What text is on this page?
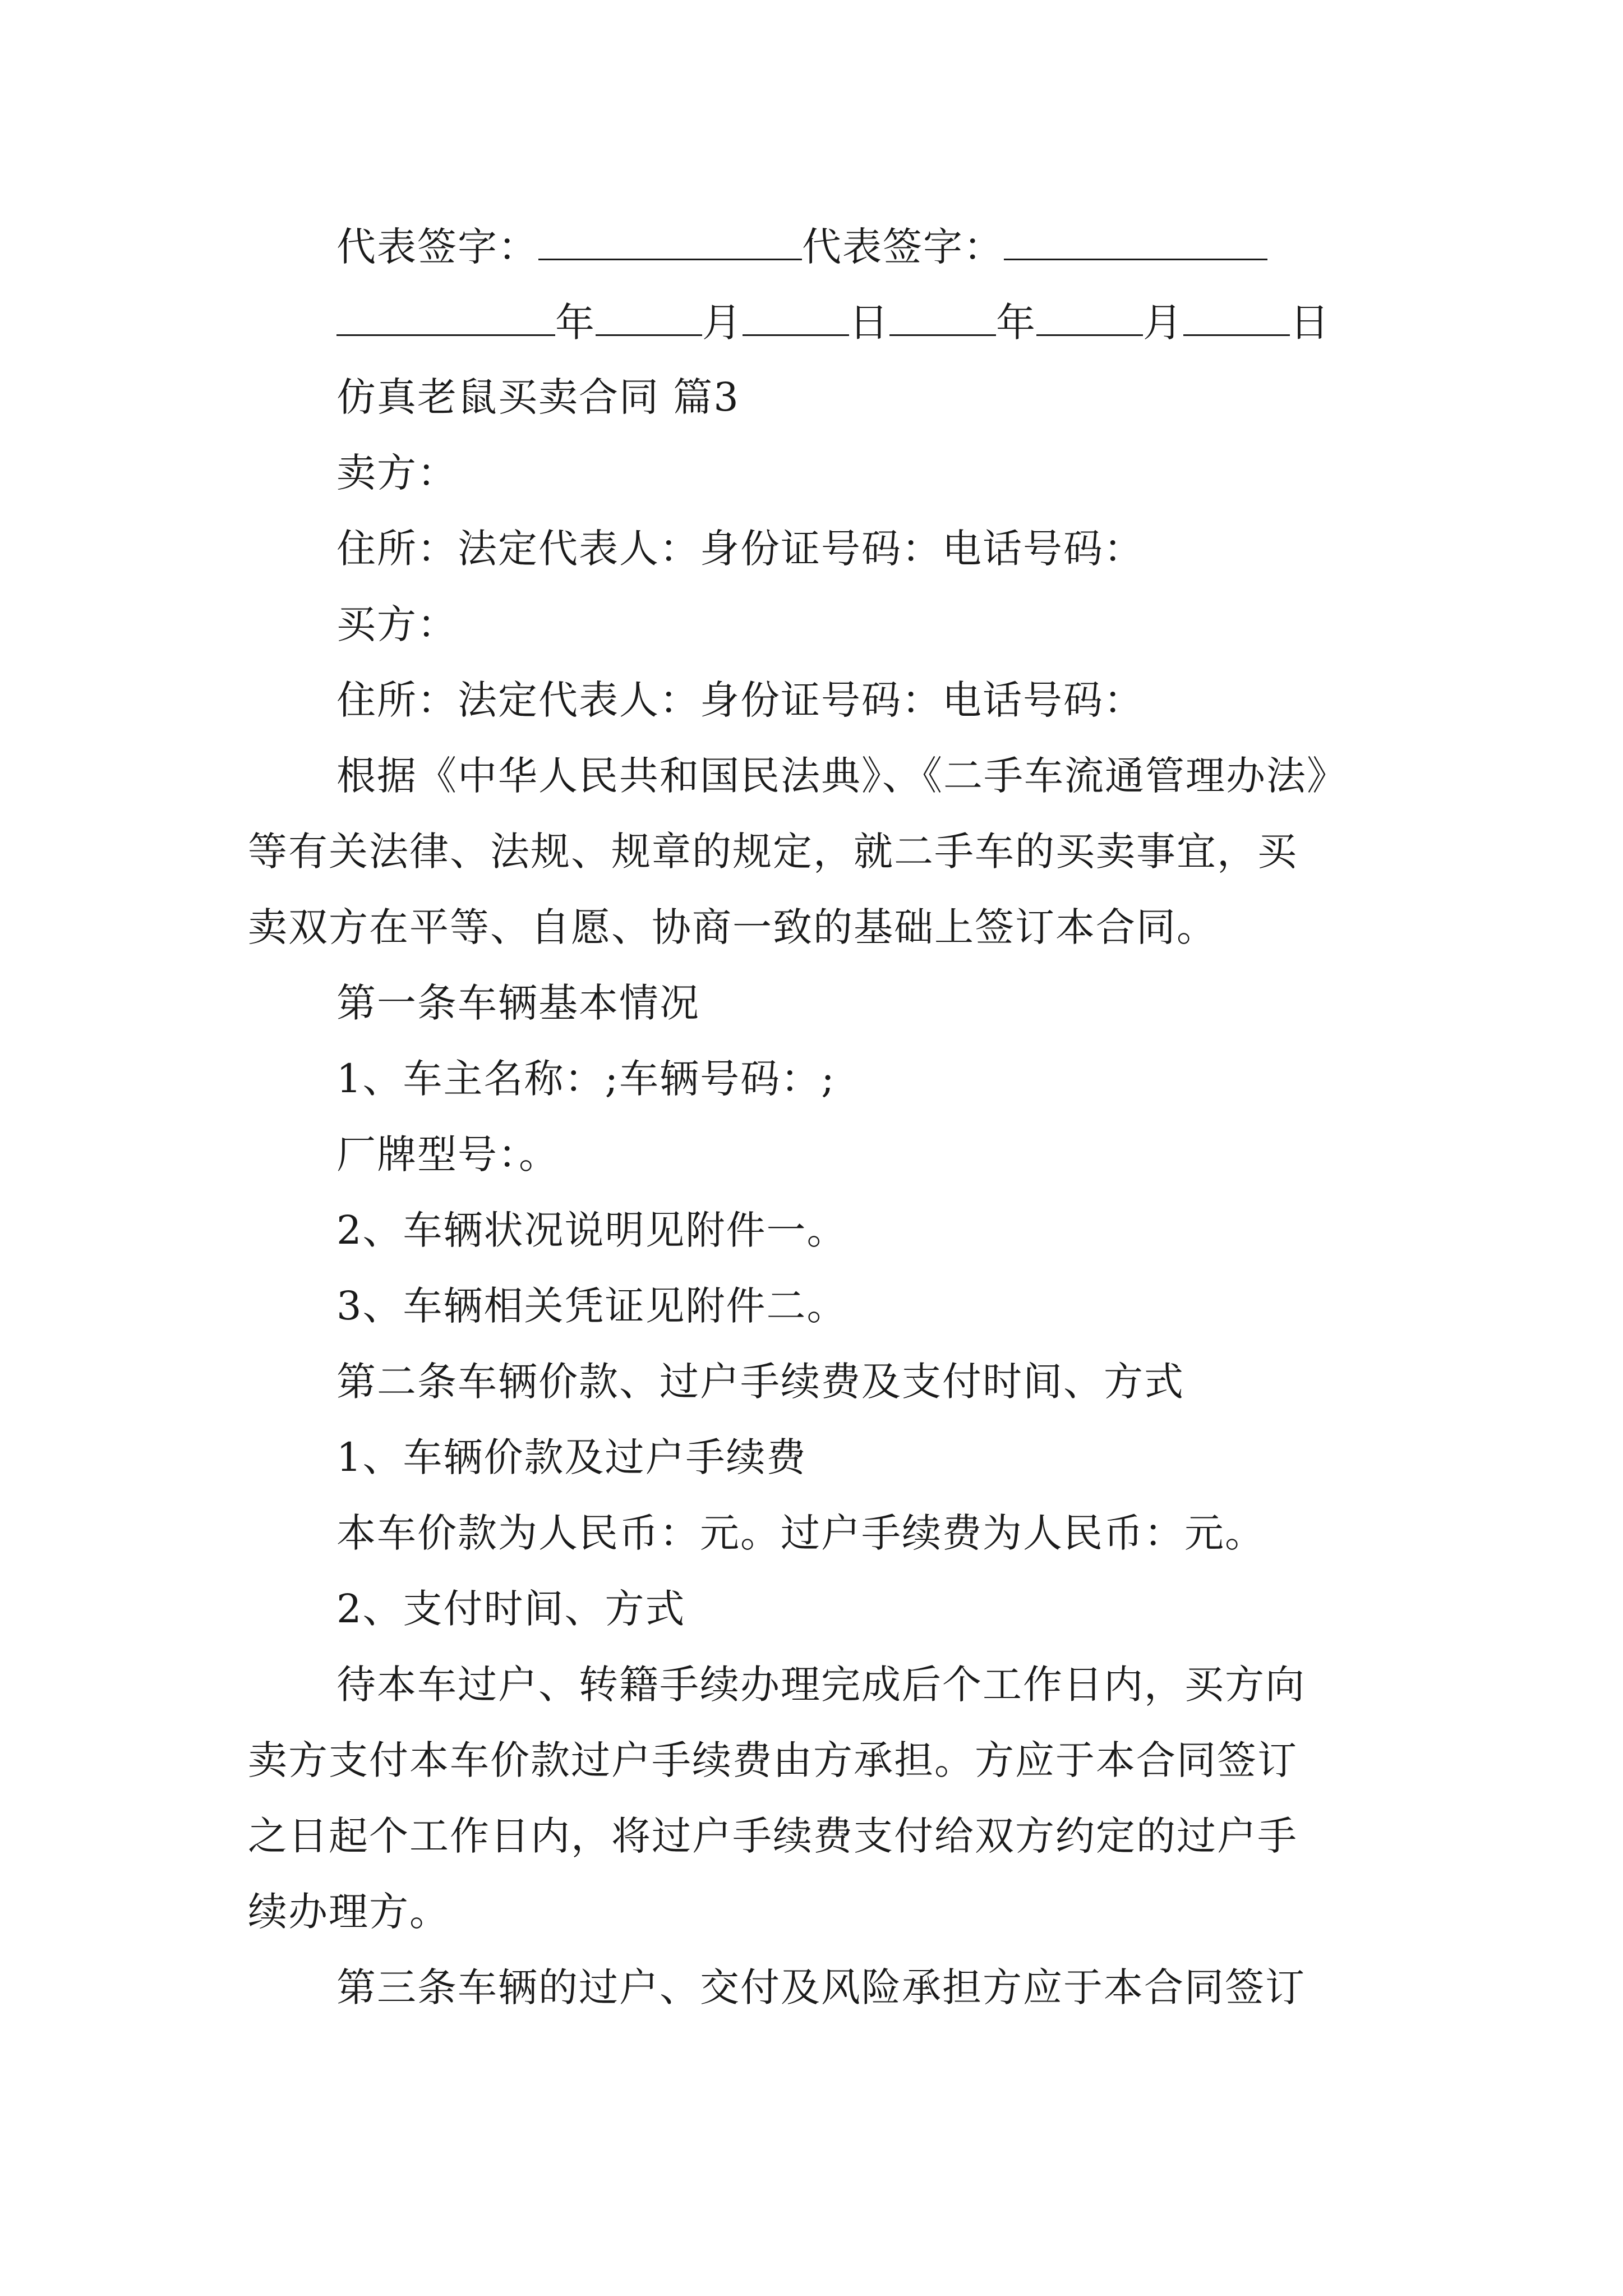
代表签字：	代表签字：
年	月	日	年	月	日
仿真老鼠买卖合同 篇3
卖方：
住所：法定代表人：身份证号码：电话号码：
买方：
住所：法定代表人：身份证号码：电话号码：
根据《中华人民共和国民法典》、《二手车流通管理办法》
等有关法律、法规、规章的规定，就二手车的买卖事宜，买
卖双方在平等、自愿、协商一致的基础上签订本合同。
第一条车辆基本情况
1、车主名称：;车辆号码：;
厂牌型号：。
2、车辆状况说明见附件一。
3、车辆相关凭证见附件二。
第二条车辆价款、过户手续费及支付时间、方式
1、车辆价款及过户手续费
本车价款为人民币：元。过户手续费为人民币：元。
2、支付时间、方式
待本车过户、转籍手续办理完成后个工作日内，买方向
卖方支付本车价款过户手续费由方承担。方应于本合同签订
之日起个工作日内，将过户手续费支付给双方约定的过户手
续办理方。
第三条车辆的过户、交付及风险承担方应于本合同签订
